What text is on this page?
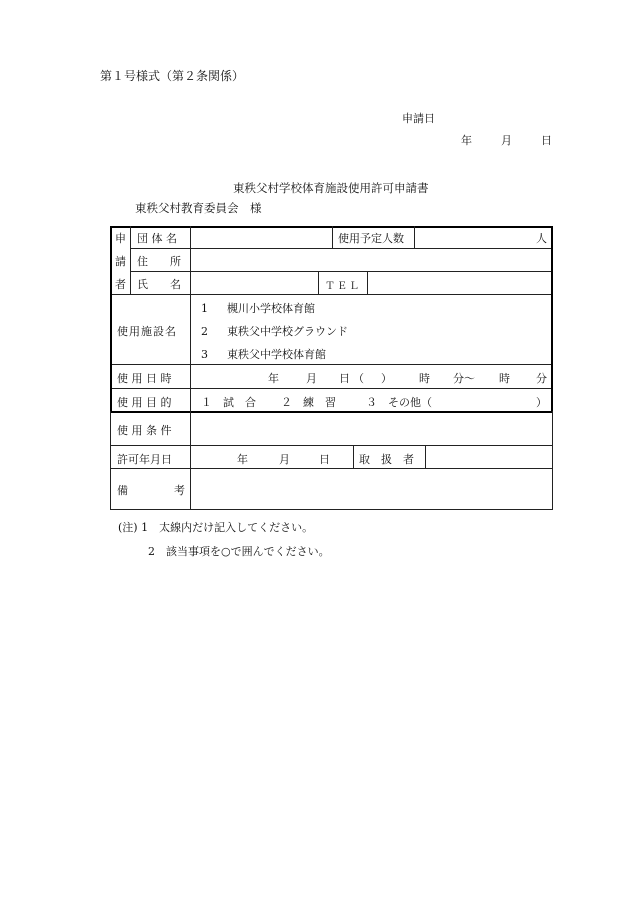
第１号様式（第２条関係）
申請日
年	月	日
東秩父村学校体育施設使用許可申請書
東秩父村教育委員会　様
申
請
者
団 体 名	使用予定人数	人
住　　所
氏　　名	ＴＥＬ
使用施設名
1 槻川小学校体育館
2 東秩父中学校グラウンド
3 東秩父中学校体育館
使 用 日 時	年 月 日（　） 時 分～ 時 分
使 用 目 的	１　試　合 ２　練　習	３　その他（	）
使 用 条 件
許可年月日	年	月	日	取　扱　者
備	考
(注) 1　太線内だけ記入してください。
2　該当事項を○で囲んでください。
